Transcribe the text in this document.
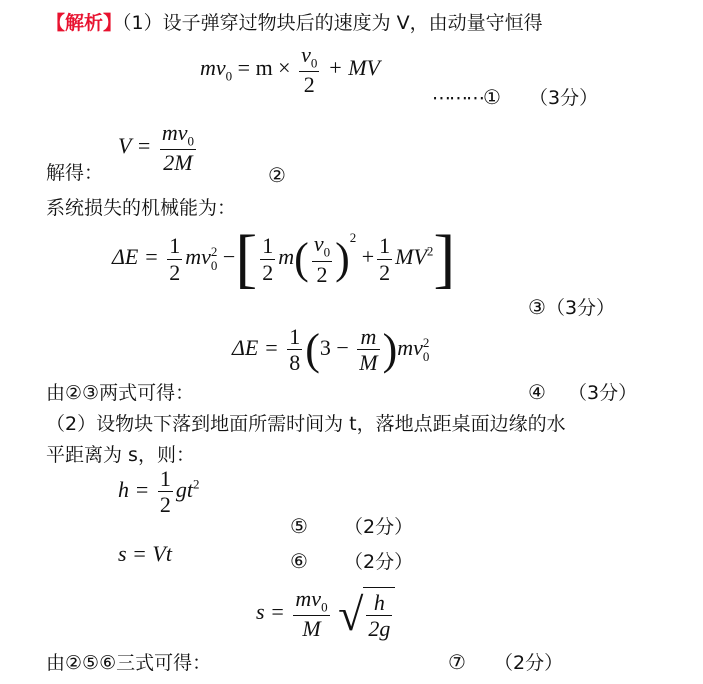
【解析】（1）设子弹穿过物块后的速度为 V，由动量守恒得
$mv_0 = m \times \frac{v_0}{2}$ + MV
⋯⋯⋯① （3分）
解得：
$V = \frac{mv_0}{2M}$	②
系统损失的机械能为：
$\Delta E = \frac{1}{2}$ mv 2
0 −[ $\frac{1}{2} m( \frac{v_0}{2} )^2 + \frac{1}{2} MV^2$]
③（3分）
$\Delta E = \frac{1}{8} (3 - \frac{m}{M} )mv$ 2
0
由②③两式可得：	④ （3分）
（2）设物块下落到地面所需时间为 t，落地点距桌面边缘的水
平距离为 s，则：
$h = \frac{1}{2} gt^2$
⑤ （2分）
s = Vt	⑥ （2分）
$s = \frac{mv_0}{M}$ √ $\frac{h}{2g}$
由②⑤⑥三式可得：	⑦ （2分）
